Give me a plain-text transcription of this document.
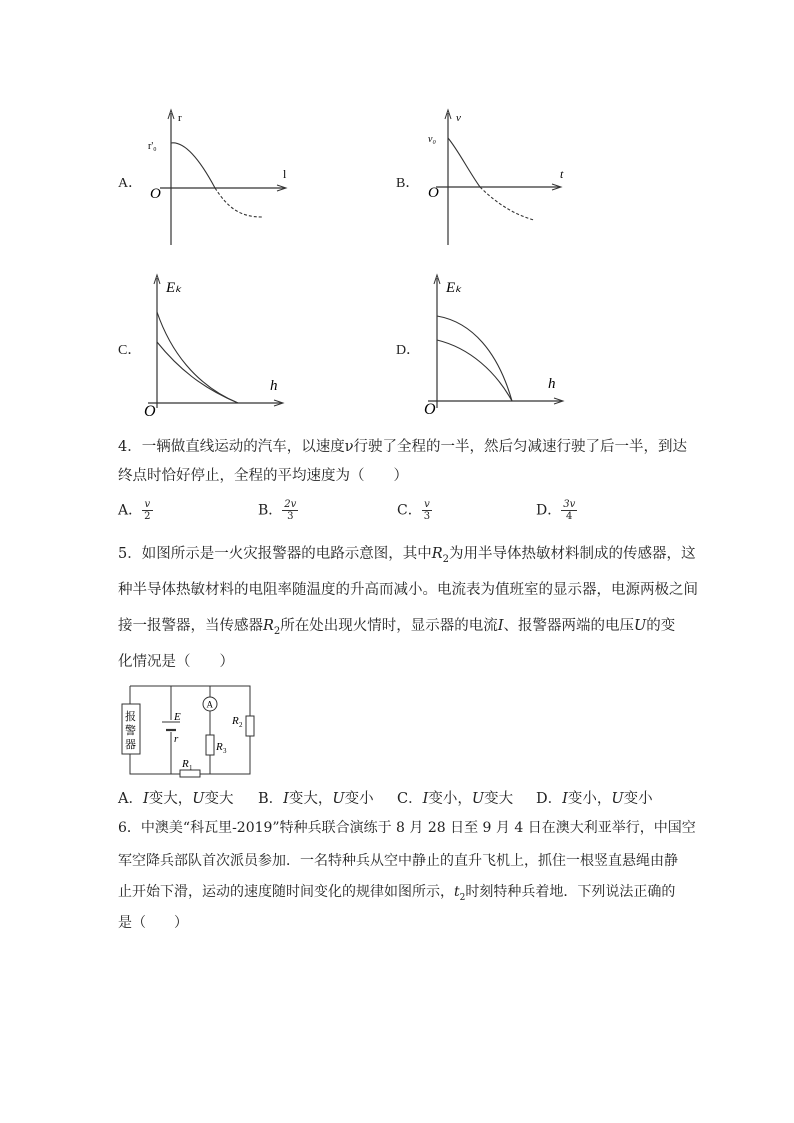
A．
r
r'₀
O
l
B．
v
v₀
O
t
C．
Eₖ
O
h
D．
Eₖ
O
h
4．一辆做直线运动的汽车，以速度ν行驶了全程的一半，然后匀减速行驶了后一半，到达
终点时恰好停止，全程的平均速度为（　　）
A． $\frac{v}{2}$	B． $\frac{2v}{3}$	C． $\frac{v}{3}$	D． $\frac{3v}{4}$
5．如图所示是一火灾报警器的电路示意图，其中$R_2$为用半导体热敏材料制成的传感器，这
种半导体热敏材料的电阻率随温度的升高而减小。电流表为值班室的显示器，电源两极之间
接一报警器，当传感器$R_2$所在处出现火情时，显示器的电流I、报警器两端的电压U的变
化情况是（　　）
报
警
器
E
r
A
R 3
R 2
R 1
A．I变大，U变大 B．I变大，U变小 C．I变小，U变大 D．I变小，U变小
6．中澳美“科瓦里-2019”特种兵联合演练于 8 月 28 日至 9 月 4 日在澳大利亚举行，中国空
军空降兵部队首次派员参加．一名特种兵从空中静止的直升飞机上，抓住一根竖直悬绳由静
止开始下滑，运动的速度随时间变化的规律如图所示，$t_2$时刻特种兵着地．下列说法正确的
是（　　）
